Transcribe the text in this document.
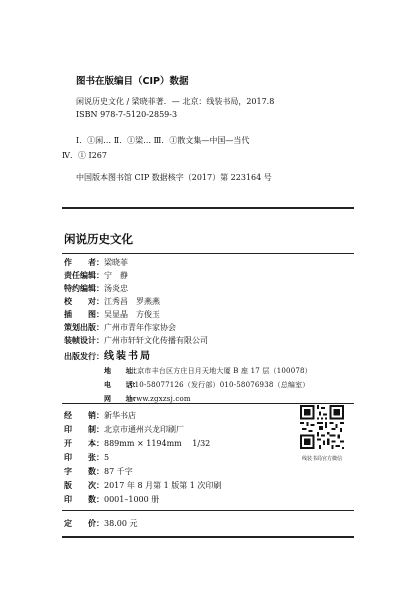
图书在版编目（CIP）数据
闲说历史文化 / 梁晓菲著．— 北京：线装书局，2017.8
ISBN 978-7-5120-2859-3
Ⅰ．①闲… Ⅱ．①梁… Ⅲ．①散文集—中国—当代
Ⅳ．① I267
中国版本图书馆 CIP 数据核字（2017）第 223164 号
闲说历史文化
作　　者：梁晓菲
责任编辑：宁　静
特约编辑：汤炎忠
校　　对：江秀昌　罗燕燕
插　　图：吴显晶　方俊玉
策划出版：广州市青年作家协会
装帧设计：广州市轩轩文化传播有限公司
出版发行：线装书局
地　　址：北京市丰台区方庄日月天地大厦 B 座 17 层（100078）
电　　话：010-58077126（发行部）010-58076938（总编室）
网　　址：www.zgxzsj.com
经　　销：新华书店
印　　制：北京市通州兴龙印刷厂
开　　本：889mm × 1194mm　 1/32
印　　张：5
字　　数：87 千字
版　　次：2017 年 8 月第 1 版第 1 次印刷
印　　数：0001–1000 册
线装书局官方微信
定　　价：38.00 元
